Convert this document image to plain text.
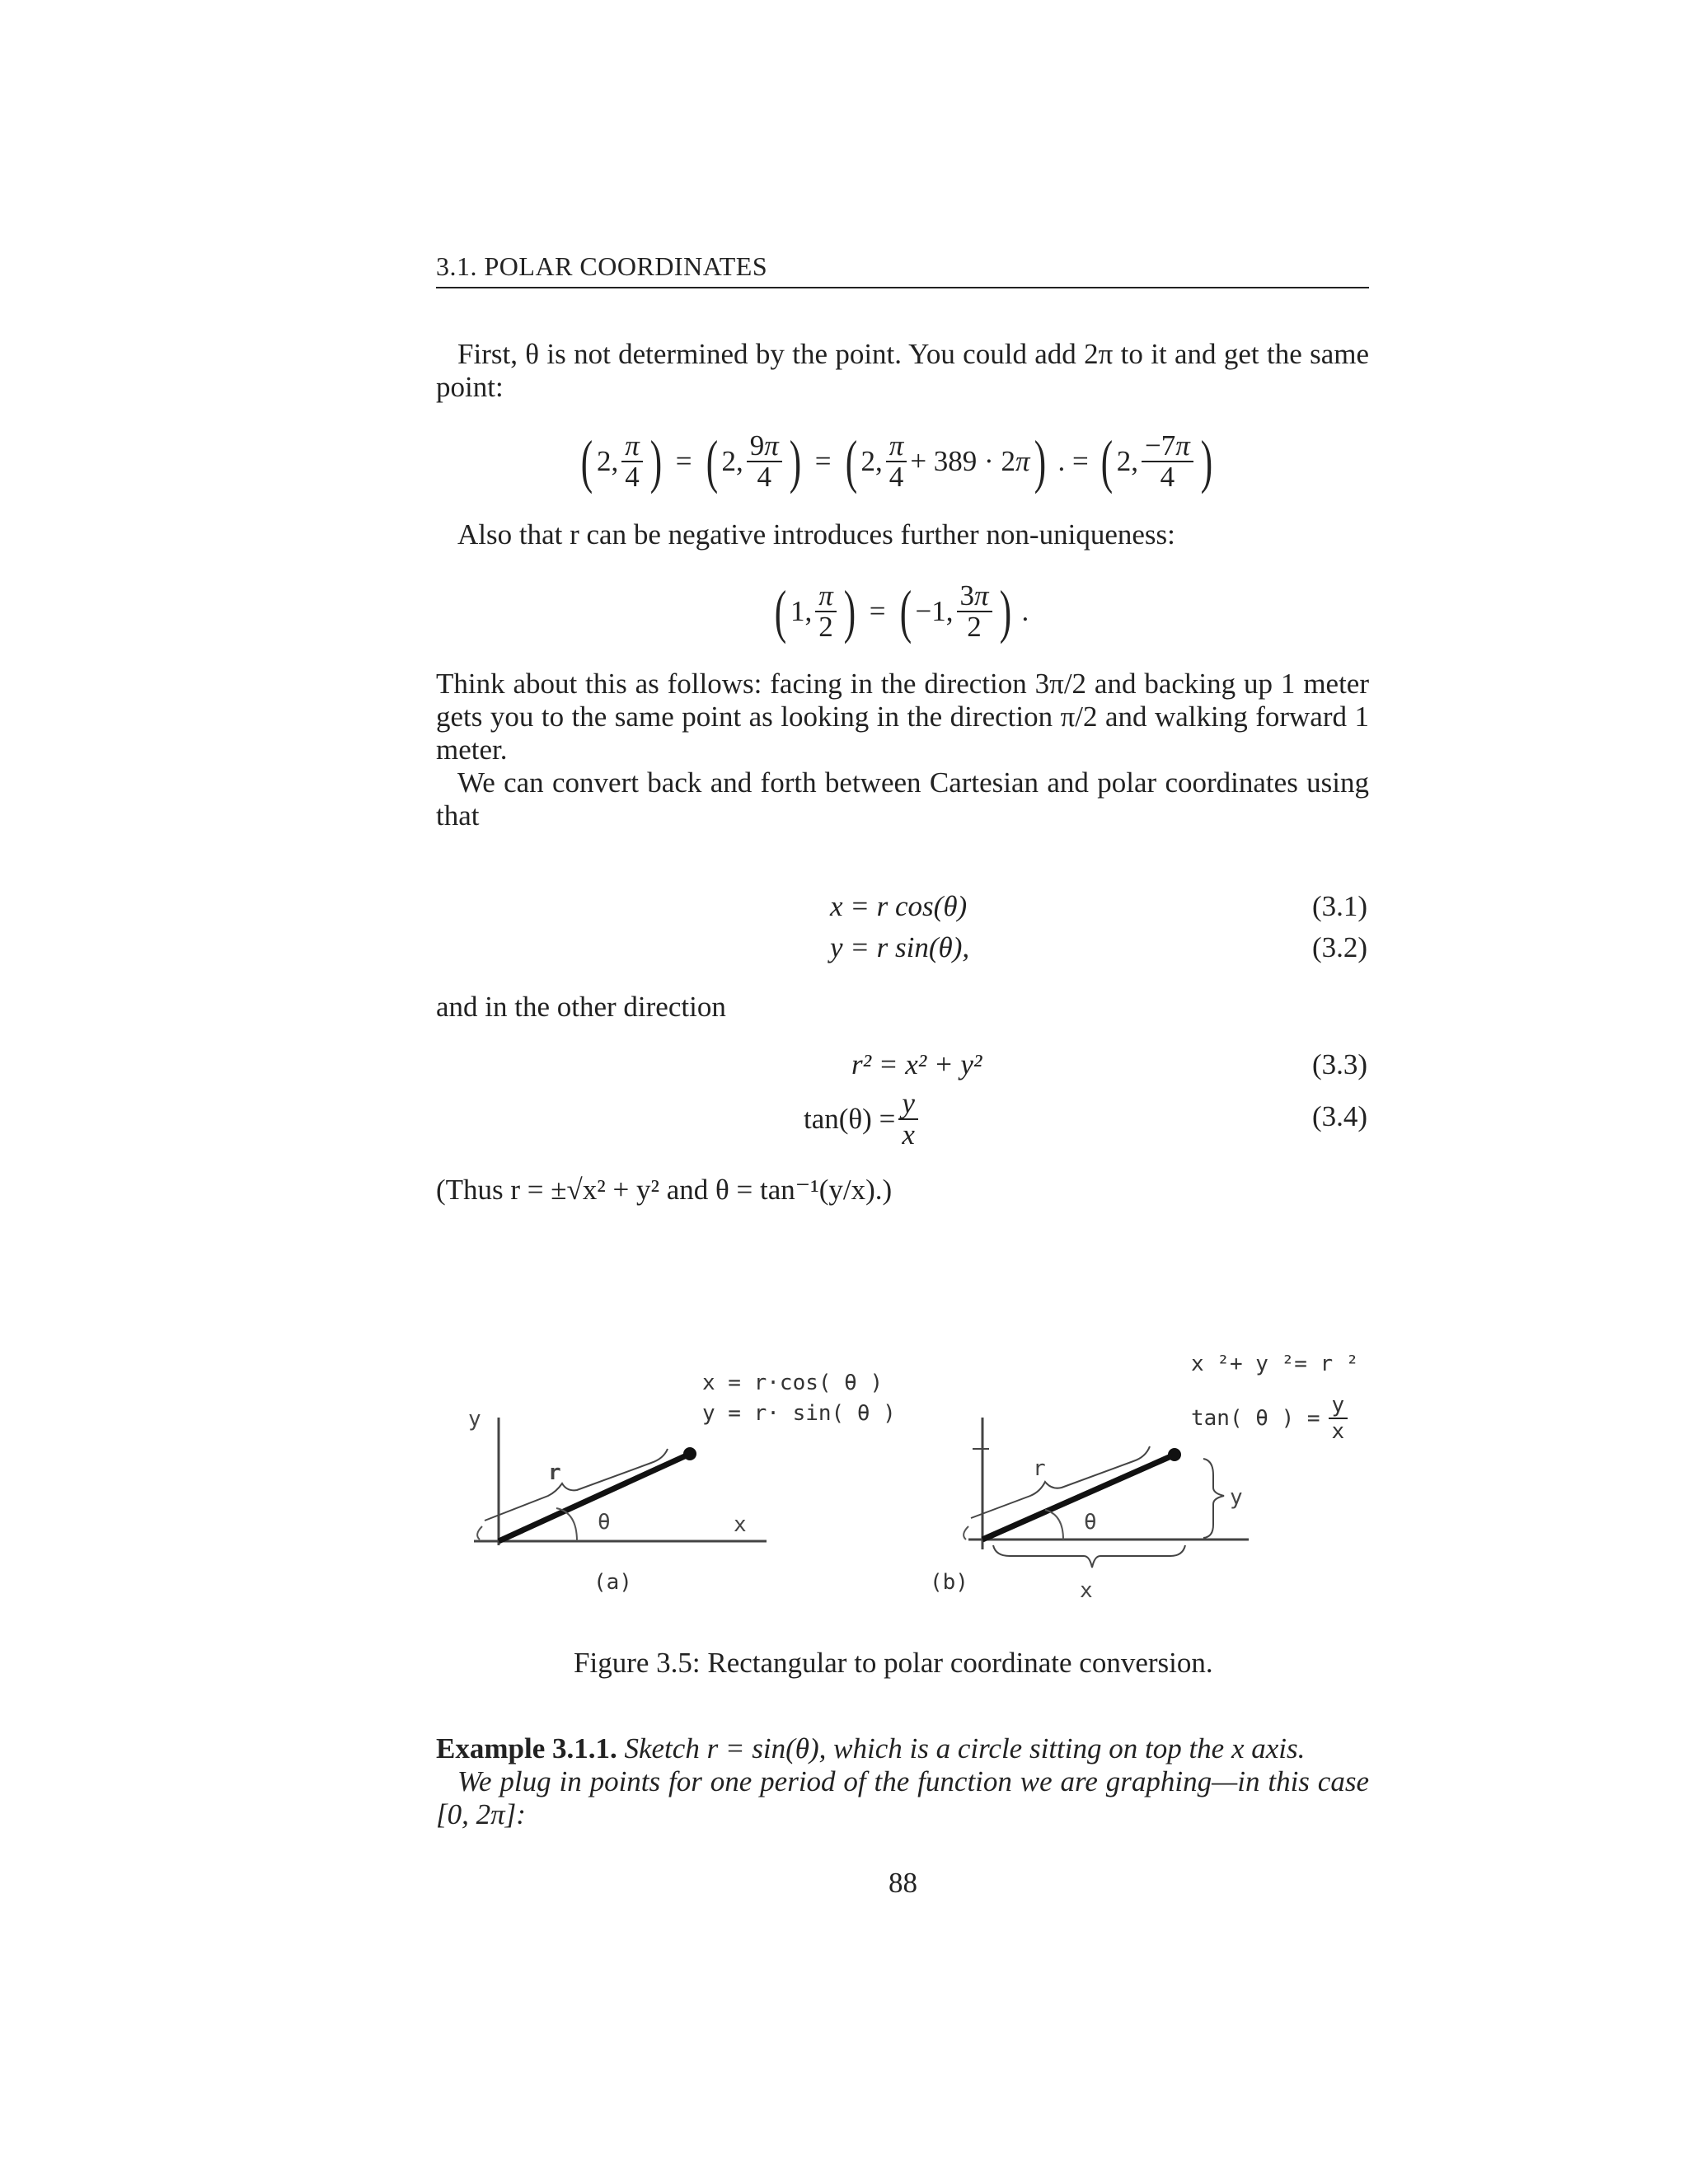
3.1. POLAR COORDINATES
First, θ is not determined by the point. You could add 2π to it and get the same point:
( 2, $\frac{\pi}{4}$ ) = ( 2, $\frac{9\pi}{4}$ ) = ( 2, $\frac{\pi}{4} + 389 \cdot 2$ π ) . = ( 2, $\frac{-7\pi}{4}$ )
Also that r can be negative introduces further non-uniqueness:
( 1, $\frac{\pi}{2}$ ) = ( −1, $\frac{3\pi}{2}$ ) .
Think about this as follows: facing in the direction 3π/2 and backing up 1 meter gets you to the same point as looking in the direction π/2 and walking forward 1 meter.
We can convert back and forth between Cartesian and polar coordinates using that
x = r cos(θ)	(3.1)
y = r sin(θ),	(3.2)
and in the other direction
r² = x² + y²	(3.3)
$\tan(\theta) = \frac{y}{x}$	(3.4)
(Thus r = ±√x² + y² and θ = tan⁻¹(y/x).)
y
r
θ	x
x = r·cos( θ )
y = r· sin( θ )
(a)
r
θ
y
x
x ²+ y ²= r ²
tan( θ ) = $\frac{y}{x}$
(b)
Figure 3.5: Rectangular to polar coordinate conversion.
Example 3.1.1. Sketch r = sin(θ), which is a circle sitting on top the x axis.
We plug in points for one period of the function we are graphing—in this case [0, 2π]:
88
